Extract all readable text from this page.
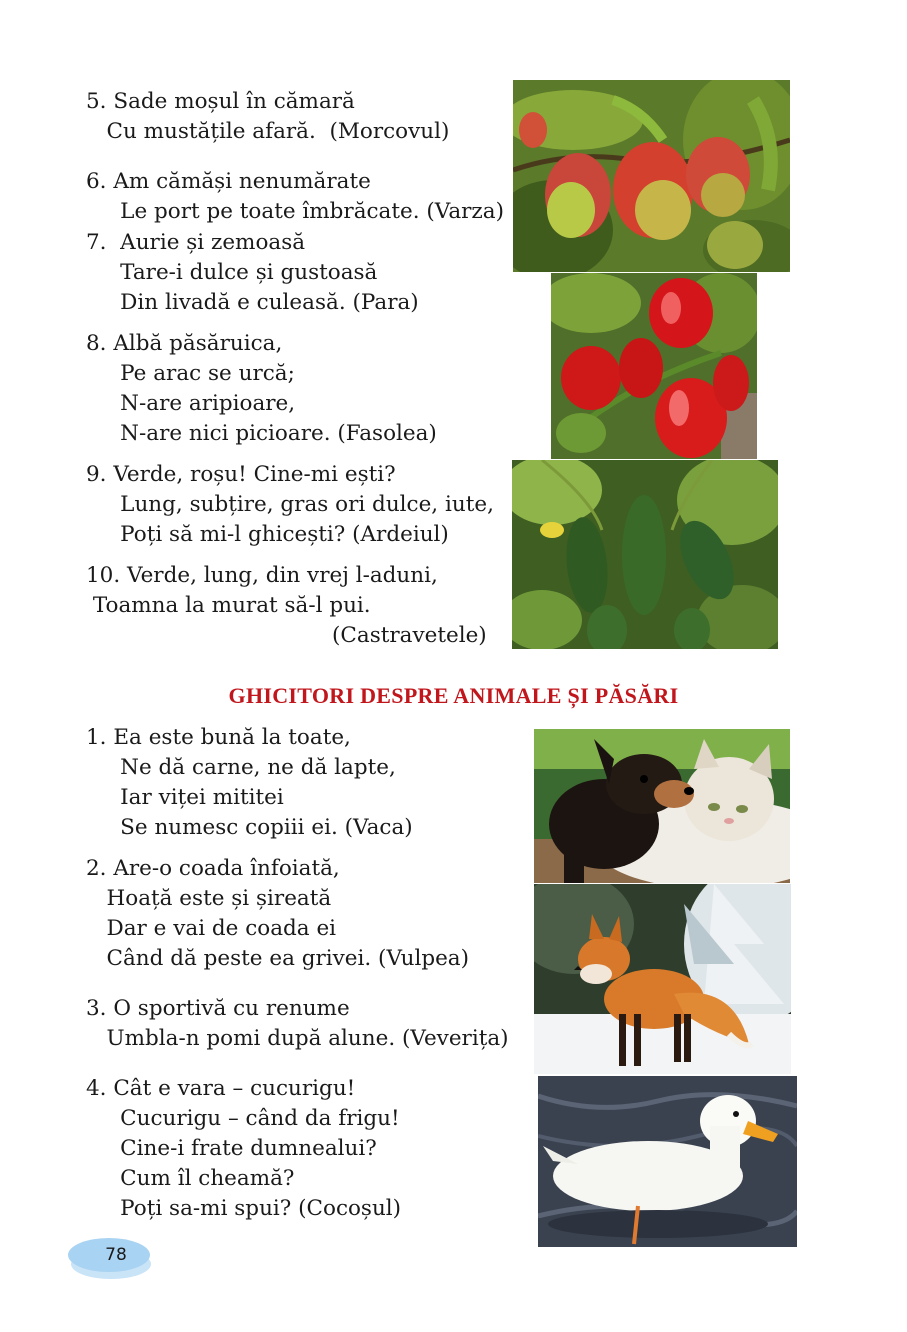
5. Sade moșul în cămară
Cu mustățile afară.  (Morcovul)
6. Am cămăși nenumărate
Le port pe toate îmbrăcate. (Varza)
7.  Aurie și zemoasă
Tare-i dulce și gustoasă
Din livadă e culeasă. (Para)
8. Albă păsăruica,
Pe arac se urcă;
N-are aripioare,
N-are nici picioare. (Fasolea)
9. Verde, roșu! Cine-mi ești?
Lung, subțire, gras ori dulce, iute,
Poți să mi-l ghicești? (Ardeiul)
10. Verde, lung, din vrej l-aduni,
Toamna la murat să-l pui.
(Castravetele)
GHICITORI DESPRE ANIMALE ȘI PĂSĂRI
1. Ea este bună la toate,
Ne dă carne, ne dă lapte,
Iar viței mititei
Se numesc copiii ei. (Vaca)
2. Are-o coada înfoiată,
Hoață este și șireată
Dar e vai de coada ei
Când dă peste ea grivei. (Vulpea)
3. O sportivă cu renume
Umbla-n pomi după alune. (Veverița)
4. Cât e vara – cucurigu!
Cucurigu – când da frigu!
Cine-i frate dumnealui?
Cum îl cheamă?
Poți sa-mi spui? (Cocoșul)
78
